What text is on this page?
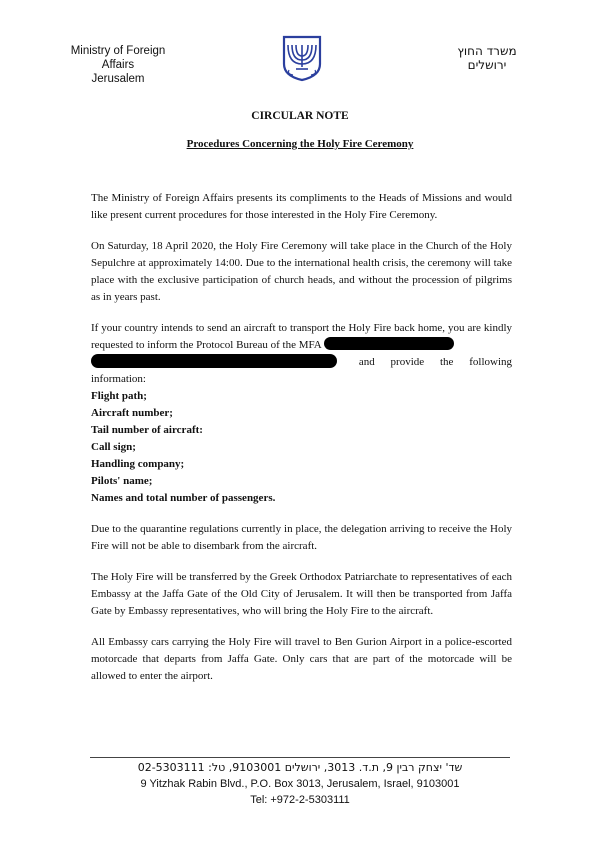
Ministry of Foreign Affairs
Jerusalem
משרד החוץ
ירושלים
CIRCULAR NOTE
Procedures Concerning the Holy Fire Ceremony

The Ministry of Foreign Affairs presents its compliments to the Heads of Missions and would like present current procedures for those interested in the Holy Fire Ceremony.

On Saturday, 18 April 2020, the Holy Fire Ceremony will take place in the Church of the Holy Sepulchre at approximately 14:00. Due to the international health crisis, the ceremony will take place with the exclusive participation of church heads, and without the procession of pilgrims as in years past.

If your country intends to send an aircraft to transport the Holy Fire back home, you are kindly requested to inform the Protocol Bureau of the MFA
and provide the following information:

Flight path;
Aircraft number;
Tail number of aircraft:
Call sign;
Handling company;
Pilots' name;
Names and total number of passengers.

Due to the quarantine regulations currently in place, the delegation arriving to receive the Holy Fire will not be able to disembark from the aircraft.

The Holy Fire will be transferred by the Greek Orthodox Patriarchate to representatives of each Embassy at the Jaffa Gate of the Old City of Jerusalem. It will then be transported from Jaffa Gate by Embassy representatives, who will bring the Holy Fire to the aircraft.

All Embassy cars carrying the Holy Fire will travel to Ben Gurion Airport in a police-escorted motorcade that departs from Jaffa Gate. Only cars that are part of the motorcade will be allowed to enter the airport.

שד' יצחק רבין 9, ת.ד. 3013, ירושלים 9103001, טל: 02-5303111
9 Yitzhak Rabin Blvd., P.O. Box 3013, Jerusalem, Israel, 9103001
Tel: +972-2-5303111
